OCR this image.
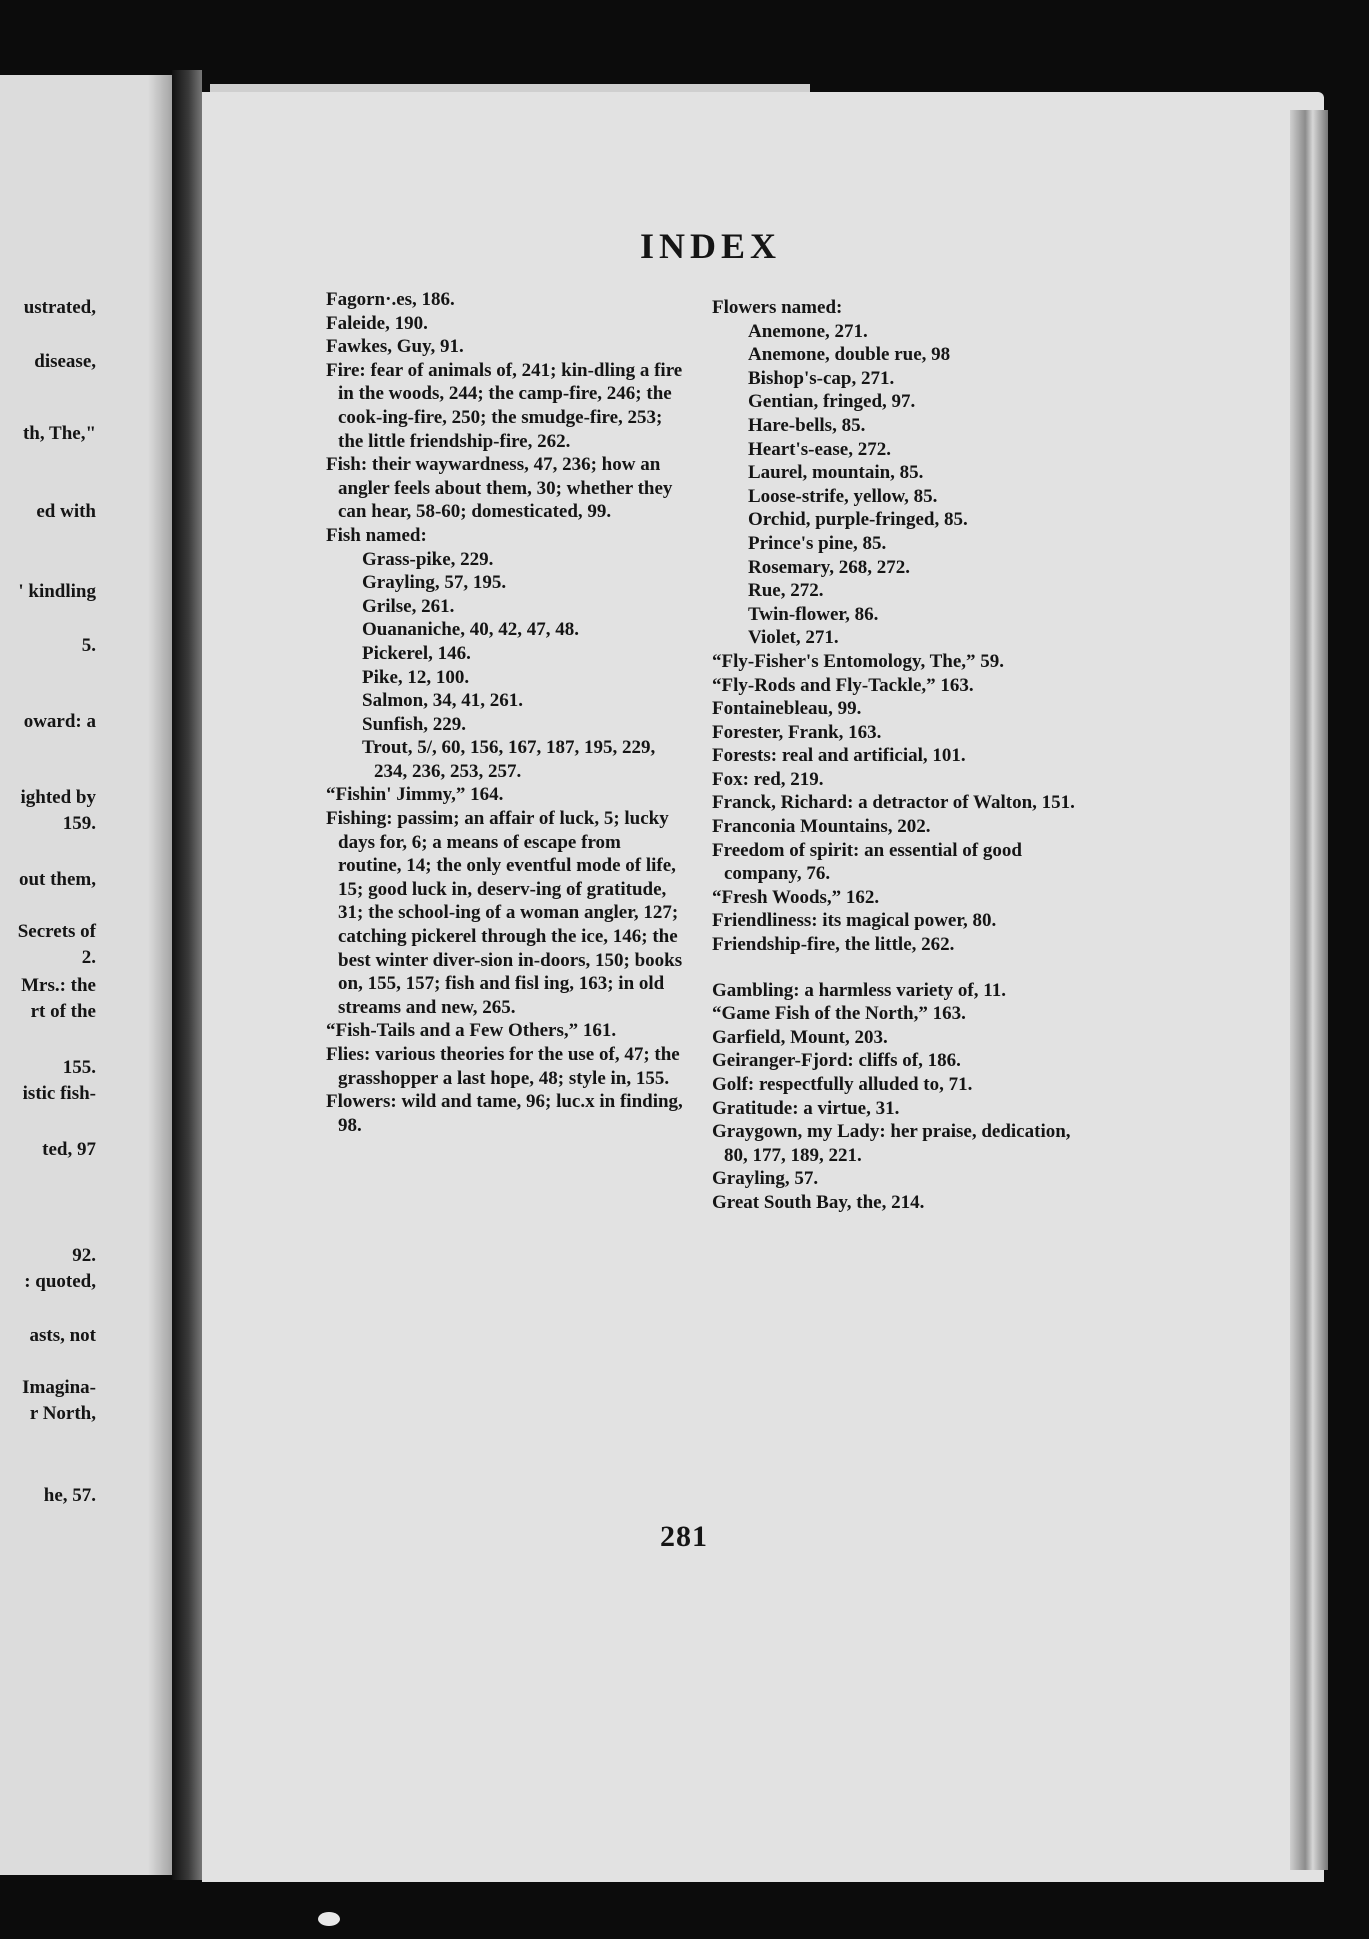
ustrated,
disease,
th, The,"
ed with
' kindling
5.
oward: a
ighted by
159.
out them,
Secrets of
2.
Mrs.: the
rt of the
155.
istic fish-
ted, 97
92.
: quoted,
asts, not
Imagina-
r North,
he, 57.
INDEX
Fagorn·.es, 186.
Faleide, 190.
Fawkes, Guy, 91.
Fire: fear of animals of, 241; kin-dling a fire in the woods, 244; the camp-fire, 246; the cook-ing-fire, 250; the smudge-fire, 253; the little friendship-fire, 262.
Fish: their waywardness, 47, 236; how an angler feels about them, 30; whether they can hear, 58-60; domesticated, 99.
Fish named:
Grass-pike, 229.
Grayling, 57, 195.
Grilse, 261.
Ouananiche, 40, 42, 47, 48.
Pickerel, 146.
Pike, 12, 100.
Salmon, 34, 41, 261.
Sunfish, 229.
Trout, 5/, 60, 156, 167, 187, 195, 229, 234, 236, 253, 257.
“Fishin' Jimmy,” 164.
Fishing: passim; an affair of luck, 5; lucky days for, 6; a means of escape from routine, 14; the only eventful mode of life, 15; good luck in, deserv-ing of gratitude, 31; the school-ing of a woman angler, 127; catching pickerel through the ice, 146; the best winter diver-sion in-doors, 150; books on, 155, 157; fish and fisl ing, 163; in old streams and new, 265.
“Fish-Tails and a Few Others,” 161.
Flies: various theories for the use of, 47; the grasshopper a last hope, 48; style in, 155.
Flowers: wild and tame, 96; luc.x in finding, 98.
Flowers named:
Anemone, 271.
Anemone, double rue, 98
Bishop's-cap, 271.
Gentian, fringed, 97.
Hare-bells, 85.
Heart's-ease, 272.
Laurel, mountain, 85.
Loose-strife, yellow, 85.
Orchid, purple-fringed, 85.
Prince's pine, 85.
Rosemary, 268, 272.
Rue, 272.
Twin-flower, 86.
Violet, 271.
“Fly-Fisher's Entomology, The,” 59.
“Fly-Rods and Fly-Tackle,” 163.
Fontainebleau, 99.
Forester, Frank, 163.
Forests: real and artificial, 101.
Fox: red, 219.
Franck, Richard: a detractor of Walton, 151.
Franconia Mountains, 202.
Freedom of spirit: an essential of good company, 76.
“Fresh Woods,” 162.
Friendliness: its magical power, 80.
Friendship-fire, the little, 262.
Gambling: a harmless variety of, 11.
“Game Fish of the North,” 163.
Garfield, Mount, 203.
Geiranger-Fjord: cliffs of, 186.
Golf: respectfully alluded to, 71.
Gratitude: a virtue, 31.
Graygown, my Lady: her praise, dedication, 80, 177, 189, 221.
Grayling, 57.
Great South Bay, the, 214.
281
